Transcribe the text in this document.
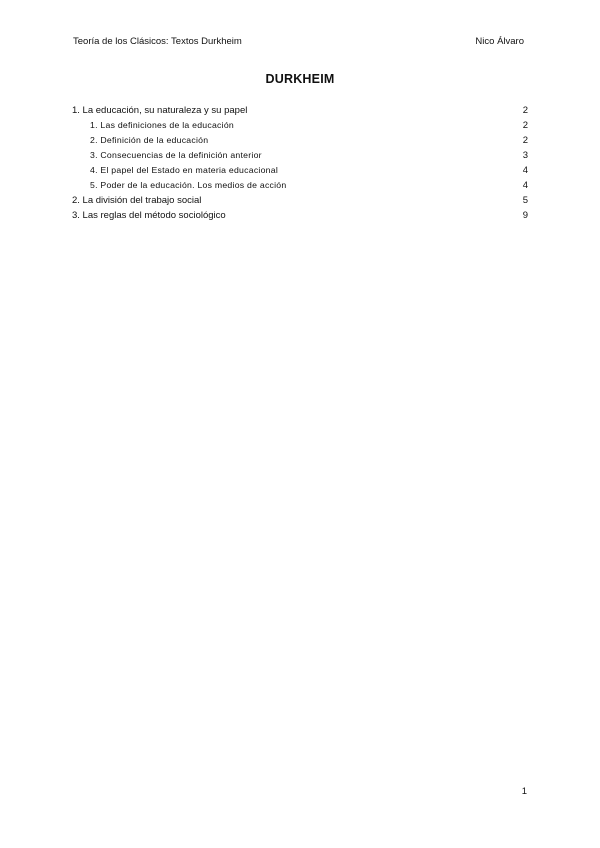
Teoría de los Clásicos: Textos Durkheim	Nico Álvaro
DURKHEIM
1. La educación, su naturaleza y su papel	2
1. Las definiciones de la educación	2
2. Definición de la educación	2
3. Consecuencias de la definición anterior	3
4. El papel del Estado en materia educacional	4
5. Poder de la educación. Los medios de acción	4
2. La división del trabajo social	5
3. Las reglas del método sociológico	9
1
